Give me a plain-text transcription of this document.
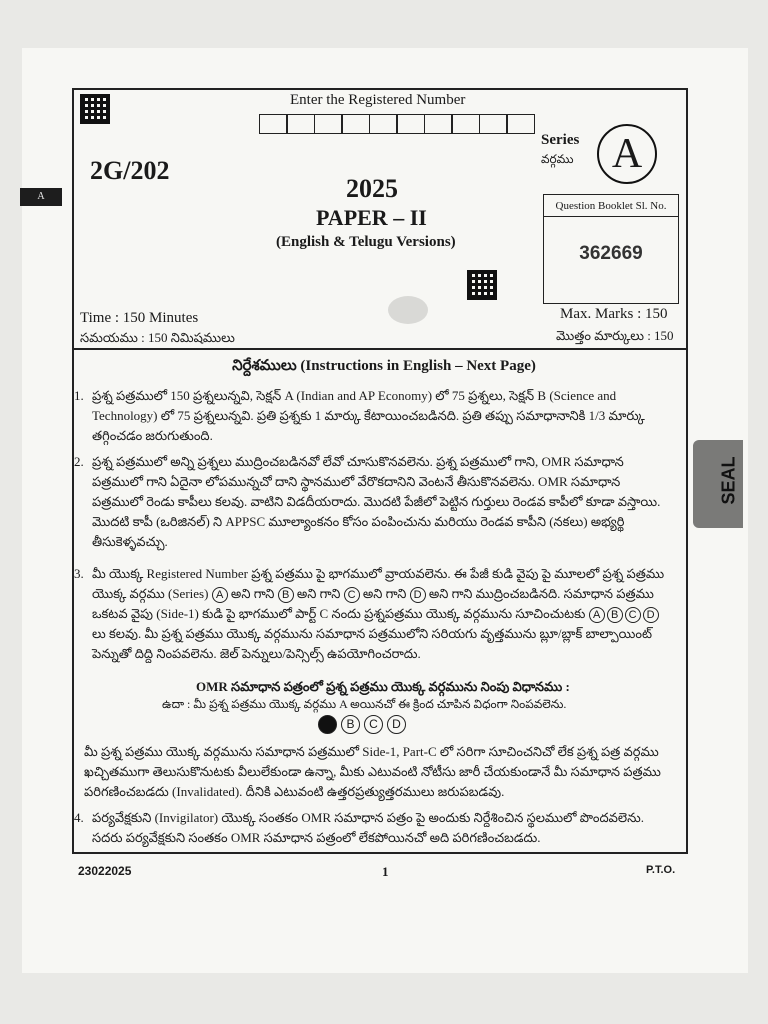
A
SEAL
Enter the Registered Number
2G/202
2025
PAPER – II
(English & Telugu Versions)
Series
వర్గము A
Question Booklet Sl. No.
362669
Time : 150 Minutes
సమయము : 150 నిమిషములు
Max. Marks : 150
మొత్తం మార్కులు : 150
నిర్దేశములు (Instructions in English – Next Page)
1. ప్రశ్న పత్రములో 150 ప్రశ్నలున్నవి, సెక్షన్ A (Indian and AP Economy) లో 75 ప్రశ్నలు, సెక్షన్ B (Science and Technology) లో 75 ప్రశ్నలున్నవి. ప్రతి ప్రశ్నకు 1 మార్కు కేటాయించబడినది. ప్రతి తప్పు సమాధానానికి 1/3 మార్కు తగ్గించడం జరుగుతుంది.
2. ప్రశ్న పత్రములో అన్ని ప్రశ్నలు ముద్రించబడినవో లేవో చూసుకొనవలెను. ప్రశ్న పత్రములో గాని, OMR సమాధాన పత్రములో గాని ఏదైనా లోపమున్నచో దాని స్థానములో వేరొకదానిని వెంటనే తీసుకొనవలెను. OMR సమాధాన పత్రములో రెండు కాపీలు కలవు. వాటిని విడదీయరాదు. మొదటి పేజీలో పెట్టిన గుర్తులు రెండవ కాపీలో కూడా వస్తాయి. మొదటి కాపీ (ఒరిజినల్) ని APPSC మూల్యాంకనం కోసం పంపించును మరియు రెండవ కాపీని (నకలు) అభ్యర్థి తీసుకెళ్ళవచ్చు.
3. మీ యొక్క Registered Number ప్రశ్న పత్రము పై భాగములో వ్రాయవలెను. ఈ పేజీ కుడి వైపు పై మూలలో ప్రశ్న పత్రము యొక్క వర్గము (Series) A అని గాని B అని గాని C అని గాని D అని గాని ముద్రించబడినది. సమాధాన పత్రము ఒకటవ వైపు (Side-1) కుడి పై భాగములో పార్ట్ C నందు ప్రశ్నపత్రము యొక్క వర్గమును సూచించుటకు A B C D
లు కలవు. మీ ప్రశ్న పత్రము యొక్క వర్గమును సమాధాన పత్రములోని సరియగు వృత్తమును బ్లూ/బ్లాక్ బాల్పాయింట్ పెన్నుతో దిద్ది నింపవలెను. జెల్ పెన్నులు/పెన్సిల్స్ ఉపయోగించరాదు.
OMR సమాధాన పత్రంలో ప్రశ్న పత్రము యొక్క వర్గమును నింపు విధానము :
ఉదా : మీ ప్రశ్న పత్రము యొక్క వర్గము A అయినచో ఈ క్రింద చూపిన విధంగా నింపవలెను.
B	C	D
మీ ప్రశ్న పత్రము యొక్క వర్గమును సమాధాన పత్రములో Side-1, Part-C లో సరిగా సూచించనిచో లేక ప్రశ్న పత్ర వర్గము ఖచ్చితముగా తెలుసుకొనుటకు వీలులేకుండా ఉన్నా, మీకు ఎటువంటి నోటీసు జారీ చేయకుండానే మీ సమాధాన పత్రము పరిగణించబడదు (Invalidated). దీనికి ఎటువంటి ఉత్తరప్రత్యుత్తరములు జరుపబడవు.
4. పర్యవేక్షకుని (Invigilator) యొక్క సంతకం OMR సమాధాన పత్రం పై అందుకు నిర్దేశించిన స్థలములో పొందవలెను. సదరు పర్యవేక్షకుని సంతకం OMR సమాధాన పత్రంలో లేకపోయినచో అది పరిగణించబడదు.
23022025	1	P.T.O.
